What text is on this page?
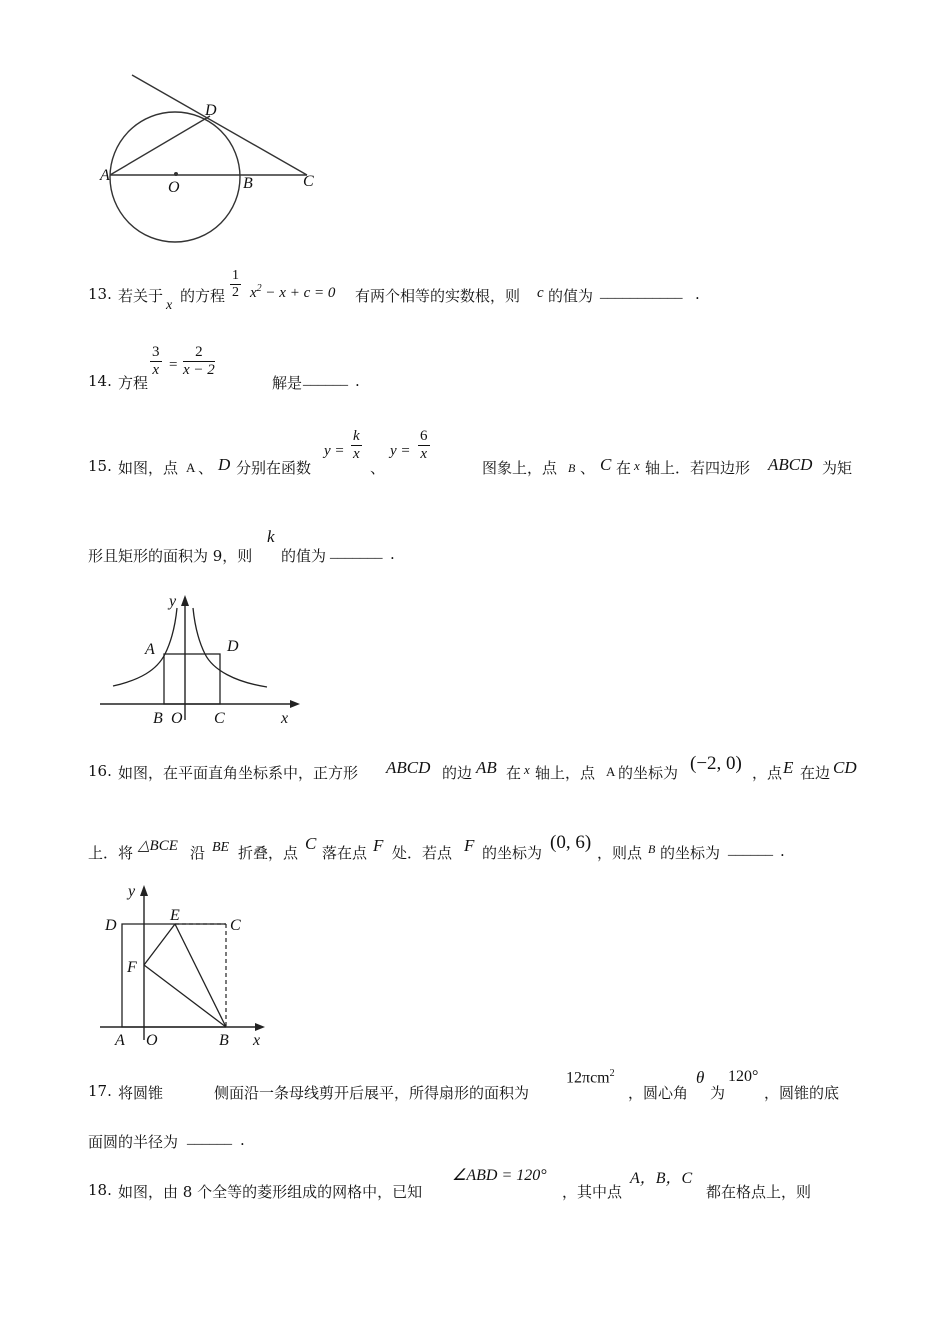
A
O	B	C
D
13. 若关于
x
的方程 $\frac{1}{2} x^2 - x + c = 0$ 有两个相等的实数根，则 c 的值为 ___________ .
14. 方程
$\frac{3}{x} = \frac{2}{x - 2}$
解是 ______ .
15. 如图，点 A 、 D 分别在函数
$y = \frac{k}{x}$
、
$y = \frac{6}{x}$
图象上，点 B 、 C 在 x 轴上．若四边形 ABCD 为矩
形且矩形的面积为 9，则
k
的值为 _______ .
y
A	D
B O C	x
16. 如图，在平面直角坐标系中，正方形 ABCD 的边 AB 在 x 轴上，点 A 的坐标为 (−2, 0) ，点 E 在边 CD
上．将 △BCE 沿 BE 折叠，点 C 落在点 F 处．若点 F 的坐标为 (0, 6) ，则点 B 的坐标为 ______ .
y
D
E
C
F
A O	B x
17. 将圆锥	侧面沿一条母线剪开后展平，所得扇形的面积为
12πcm$^2$
，圆心角
θ
为
120°
，圆锥的底
面圆的半径为 ______ .
18. 如图，由 8 个全等的菱形组成的网格中，已知
∠ABD = 120°
，其中点
A，B，C
都在格点上，则
